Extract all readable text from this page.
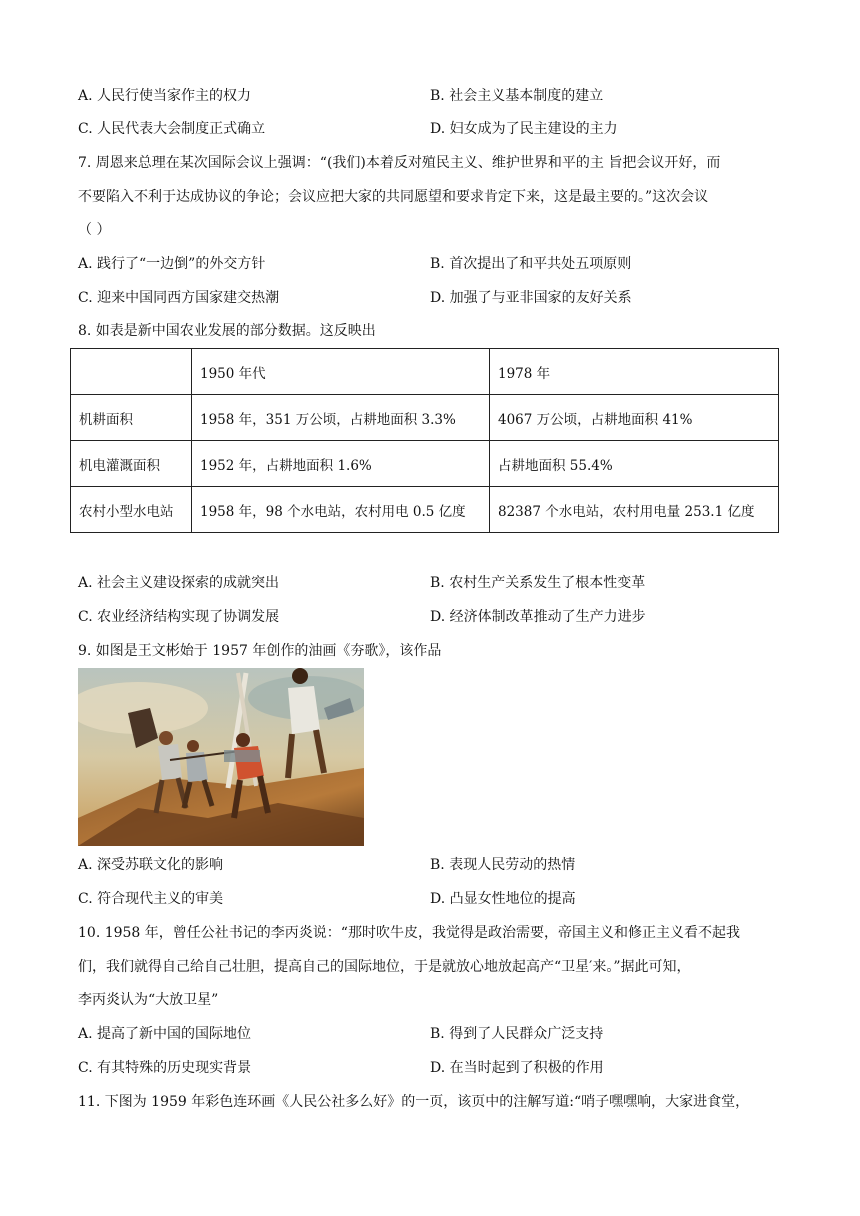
A. 人民行使当家作主的权力	B. 社会主义基本制度的建立
C. 人民代表大会制度正式确立	D. 妇女成为了民主建设的主力
7. 周恩来总理在某次国际会议上强调：“(我们)本着反对殖民主义、维护世界和平的主 旨把会议开好，而
不要陷入不利于达成协议的争论；会议应把大家的共同愿望和要求肯定下来，这是最主要的。”这次会议
（ ）
A. 践行了“一边倒”的外交方针	B. 首次提出了和平共处五项原则
C. 迎来中国同西方国家建交热潮	D. 加强了与亚非国家的友好关系
8. 如表是新中国农业发展的部分数据。这反映出
	1950 年代	1978 年
机耕面积	1958 年，351 万公顷，占耕地面积 3.3%	4067 万公顷，占耕地面积 41%
机电灌溉面积	1952 年，占耕地面积 1.6%	占耕地面积 55.4%
农村小型水电站	1958 年，98 个水电站，农村用电 0.5 亿度	82387 个水电站，农村用电量 253.1 亿度
A. 社会主义建设探索的成就突出	B. 农村生产关系发生了根本性变革
C. 农业经济结构实现了协调发展	D. 经济体制改革推动了生产力进步
9. 如图是王文彬始于 1957 年创作的油画《夯歌》，该作品
A. 深受苏联文化的影响	B. 表现人民劳动的热情
C. 符合现代主义的审美	D. 凸显女性地位的提高
10. 1958 年，曾任公社书记的李丙炎说：“那时吹牛皮，我觉得是政治需要，帝国主义和修正主义看不起我
们，我们就得自己给自己壮胆，提高自己的国际地位，于是就放心地放起高产“卫星′来。”据此可知，
李丙炎认为“大放卫星”
A. 提高了新中国的国际地位	B. 得到了人民群众广泛支持
C. 有其特殊的历史现实背景	D. 在当时起到了积极的作用
11. 下图为 1959 年彩色连环画《人民公社多么好》的一页，该页中的注解写道:“哨子嘿嘿响，大家进食堂，
